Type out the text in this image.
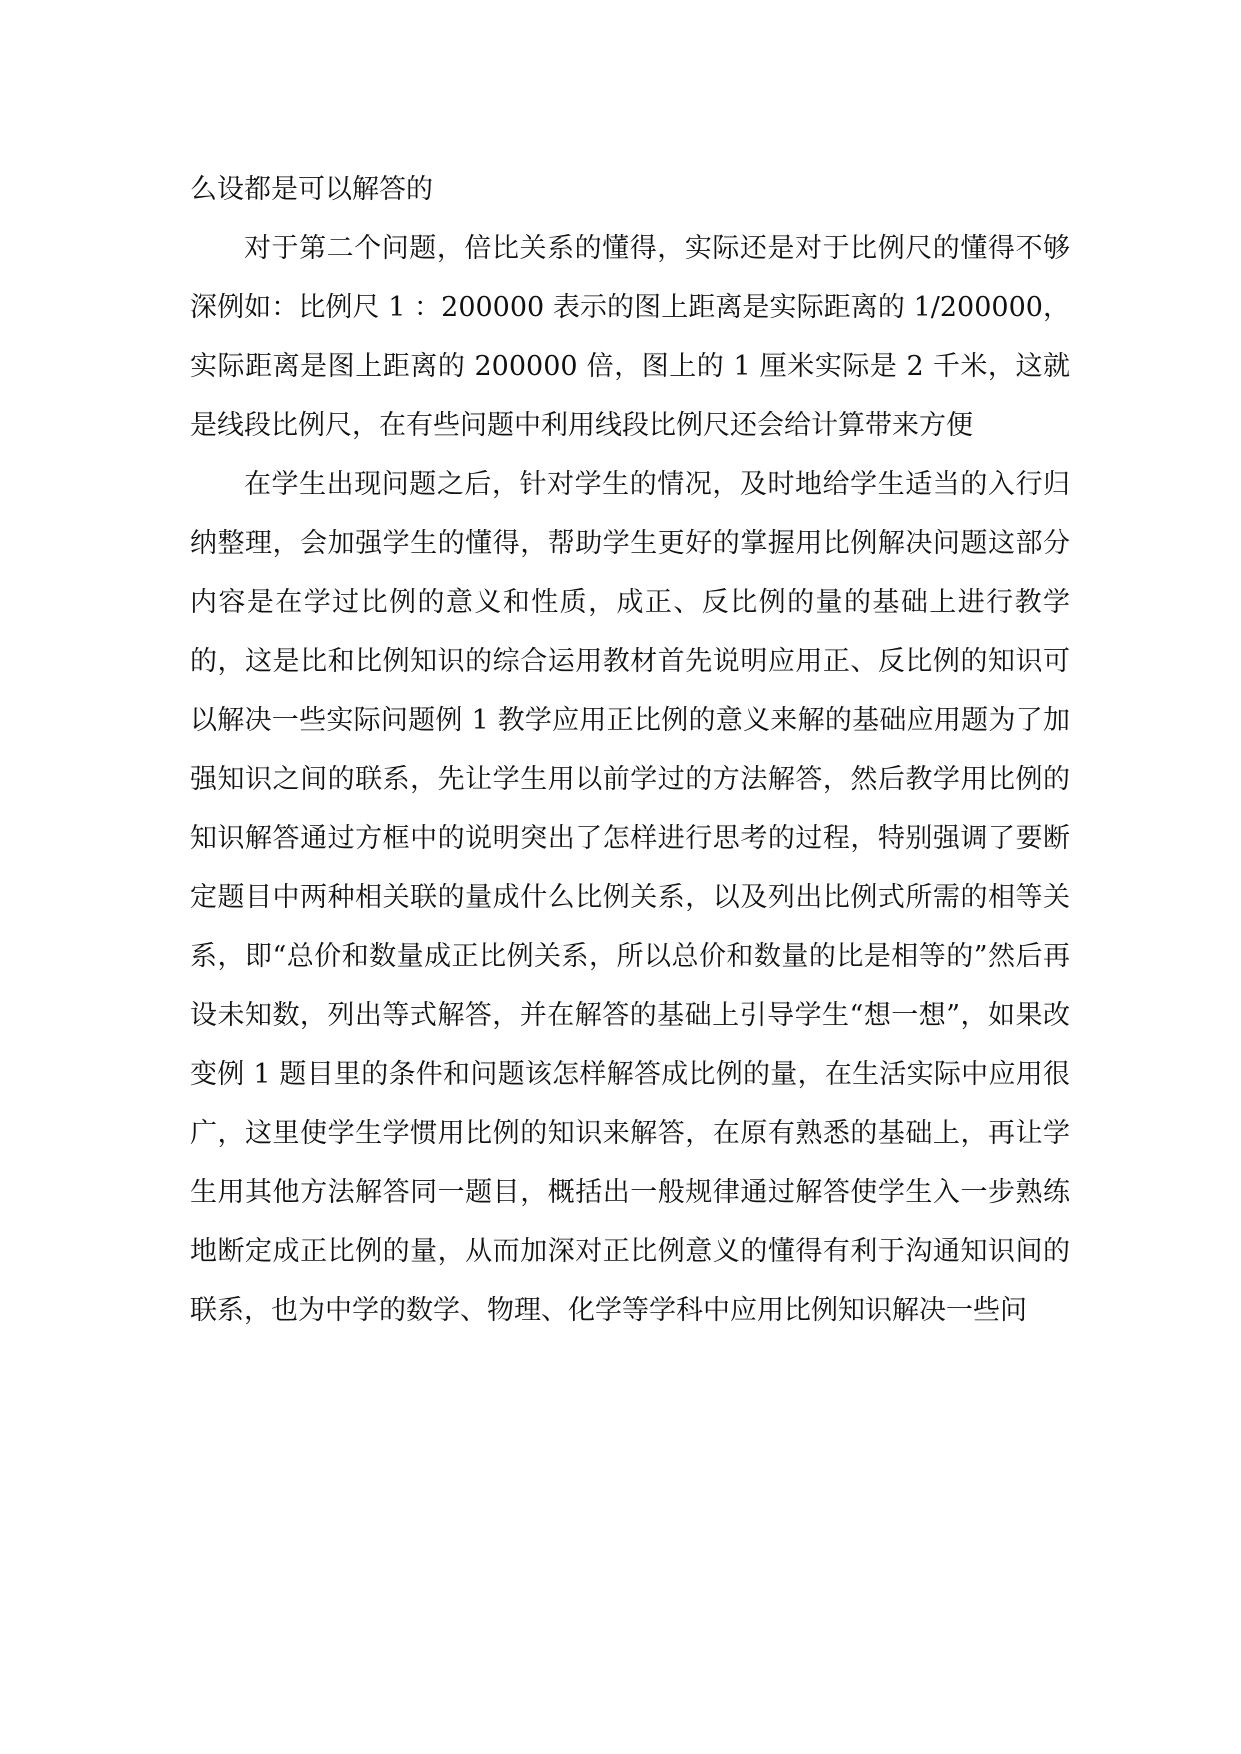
么设都是可以解答的

对于第二个问题，倍比关系的懂得，实际还是对于比例尺的懂得不够深例如：比例尺 1 ：200000 表示的图上距离是实际距离的 1/200000，实际距离是图上距离的 200000 倍，图上的 1 厘米实际是 2 千米，这就是线段比例尺，在有些问题中利用线段比例尺还会给计算带来方便

在学生出现问题之后，针对学生的情况，及时地给学生适当的入行归纳整理，会加强学生的懂得，帮助学生更好的掌握用比例解决问题这部分内容是在学过比例的意义和性质，成正、反比例的量的基础上进行教学的，这是比和比例知识的综合运用教材首先说明应用正、反比例的知识可以解决一些实际问题例 1 教学应用正比例的意义来解的基础应用题为了加强知识之间的联系，先让学生用以前学过的方法解答，然后教学用比例的知识解答通过方框中的说明突出了怎样进行思考的过程，特别强调了要断定题目中两种相关联的量成什么比例关系，以及列出比例式所需的相等关系，即“总价和数量成正比例关系，所以总价和数量的比是相等的”然后再设未知数，列出等式解答，并在解答的基础上引导学生“想一想”，如果改变例 1 题目里的条件和问题该怎样解答成比例的量，在生活实际中应用很广，这里使学生学惯用比例的知识来解答，在原有熟悉的基础上，再让学生用其他方法解答同一题目，概括出一般规律通过解答使学生入一步熟练地断定成正比例的量，从而加深对正比例意义的懂得有利于沟通知识间的联系，也为中学的数学、物理、化学等学科中应用比例知识解决一些问
